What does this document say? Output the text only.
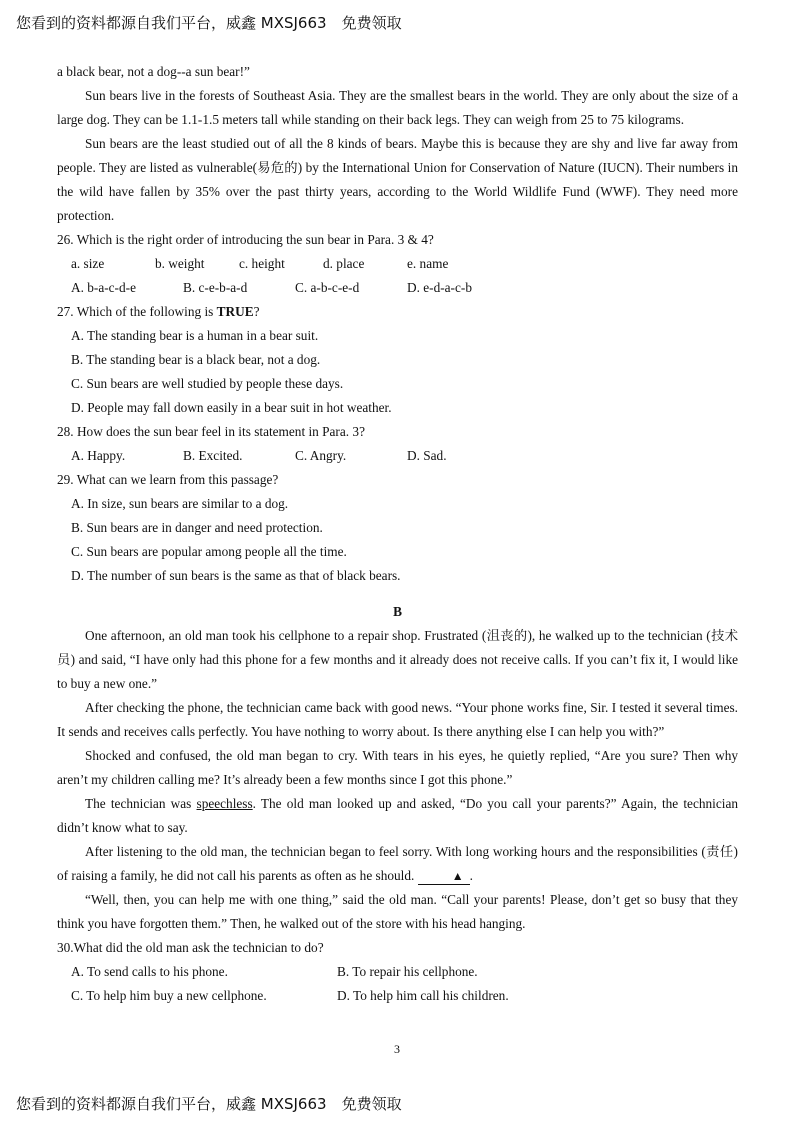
您看到的资料都源自我们平台，威鑫 MXSJ663　免费领取
a black bear, not a dog--a sun bear!”

Sun bears live in the forests of Southeast Asia. They are the smallest bears in the world. They are only about the size of a large dog. They can be 1.1-1.5 meters tall while standing on their back legs. They can weigh from 25 to 75 kilograms.

Sun bears are the least studied out of all the 8 kinds of bears. Maybe this is because they are shy and live far away from people. They are listed as vulnerable(易危的) by the International Union for Conservation of Nature (IUCN). Their numbers in the wild have fallen by 35% over the past thirty years, according to the World Wildlife Fund (WWF). They need more protection.

26. Which is the right order of introducing the sun bear in Para. 3 & 4?
a. size	b. weight	c. height	d. place	e. name
A. b-a-c-d-e	B. c-e-b-a-d	C. a-b-c-e-d	D. e-d-a-c-b
27. Which of the following is TRUE?
A. The standing bear is a human in a bear suit.
B. The standing bear is a black bear, not a dog.
C. Sun bears are well studied by people these days.
D. People may fall down easily in a bear suit in hot weather.
28. How does the sun bear feel in its statement in Para. 3?
A. Happy.	B. Excited.	C. Angry.	D. Sad.
29. What can we learn from this passage?
A. In size, sun bears are similar to a dog.
B. Sun bears are in danger and need protection.
C. Sun bears are popular among people all the time.
D. The number of sun bears is the same as that of black bears.
B

One afternoon, an old man took his cellphone to a repair shop. Frustrated (沮丧的), he walked up to the technician (技术员) and said, “I have only had this phone for a few months and it already does not receive calls. If you can’t fix it, I would like to buy a new one.”

After checking the phone, the technician came back with good news. “Your phone works fine, Sir. I tested it several times. It sends and receives calls perfectly. You have nothing to worry about. Is there anything else I can help you with?”

Shocked and confused, the old man began to cry. With tears in his eyes, he quietly replied, “Are you sure? Then why aren’t my children calling me? It’s already been a few months since I got this phone.”

The technician was speechless. The old man looked up and asked, “Do you call your parents?” Again, the technician didn’t know what to say.

After listening to the old man, the technician began to feel sorry. With long working hours and the responsibilities (责任) of raising a family, he did not call his parents as often as he should.	▲ .

“Well, then, you can help me with one thing,” said the old man. “Call your parents! Please, don’t get so busy that they think you have forgotten them.” Then, he walked out of the store with his head hanging.

30.What did the old man ask the technician to do?
A. To send calls to his phone.	B. To repair his cellphone.
C. To help him buy a new cellphone.	D. To help him call his children.
3
您看到的资料都源自我们平台，威鑫 MXSJ663　免费领取
